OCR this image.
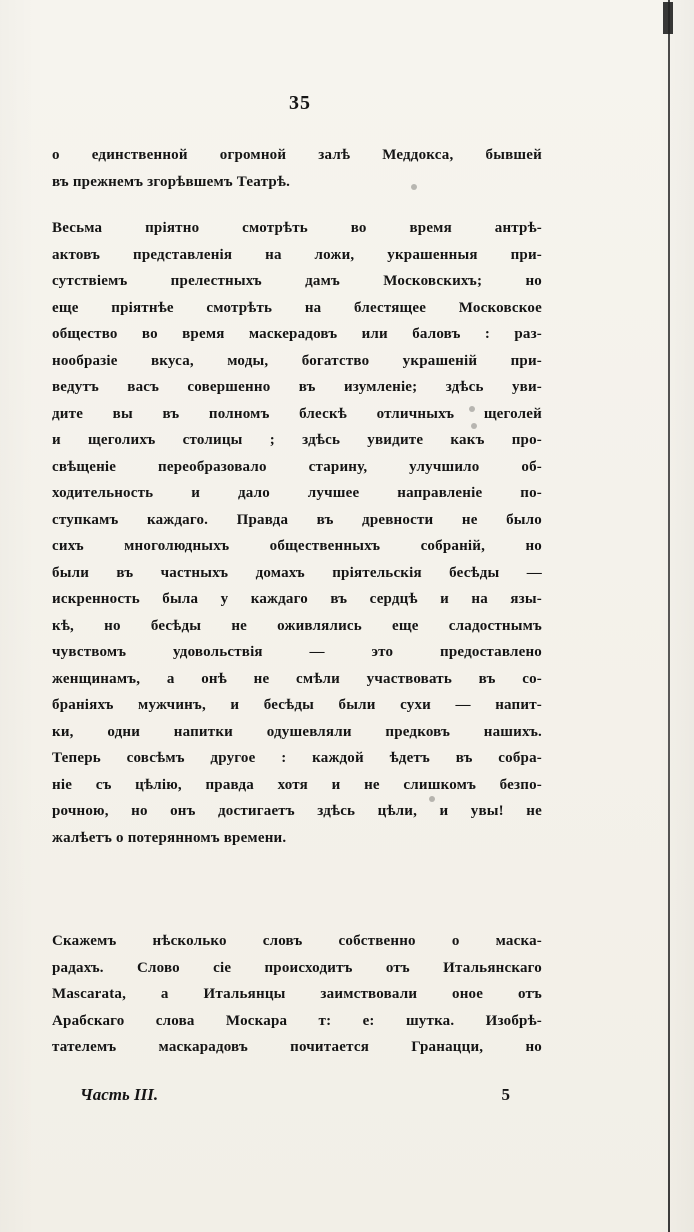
35
о единственной огромной залѣ Меддокса, бывшей
въ прежнемъ згорѣвшемъ Театрѣ.
Весьма пріятно смотрѣть во время антрѣ-
актовъ представленія на ложи, украшенныя при-
сутствіемъ прелестныхъ дамъ Московскихъ; но
еще пріятнѣе смотрѣть на блестящее Московское
общество во время маскерадовъ или баловъ : раз-
нообразіе вкуса, моды, богатство украшеній при-
ведутъ васъ совершенно въ изумленіе; здѣсь уви-
дите вы въ полномъ блескѣ отличныхъ щеголей
и щеголихъ столицы ; здѣсь увидите какъ про-
свѣщеніе переобразовало старину, улучшило об-
ходительность и дало лучшее направленіе по-
ступкамъ каждаго. Правда въ древности не было
сихъ многолюдныхъ общественныхъ собраній, но
были въ частныхъ домахъ пріятельскія бесѣды —
искренность была у каждаго въ сердцѣ и на язы-
кѣ, но бесѣды не оживлялись еще сладостнымъ
чувствомъ удовольствія — это предоставлено
женщинамъ, а онѣ не смѣли участвовать въ со-
браніяхъ мужчинъ, и бесѣды были сухи — напит-
ки, одни напитки одушевляли предковъ нашихъ.
Теперь совсѣмъ другое : каждой ѣдетъ въ собра-
ніе съ цѣлію, правда хотя и не слишкомъ безпо-
рочною, но онъ достигаетъ здѣсь цѣли, и увы! не
жалѣетъ о потерянномъ времени.
Скажемъ нѣсколько словъ собственно о маска-
радахъ. Слово сіе происходитъ отъ Итальянскаго
Mascarata, а Итальянцы заимствовали оное отъ
Арабскаго слова Москара т: е: шутка. Изобрѣ-
тателемъ маскарадовъ почитается Гранацци, но
Часть III.	5
